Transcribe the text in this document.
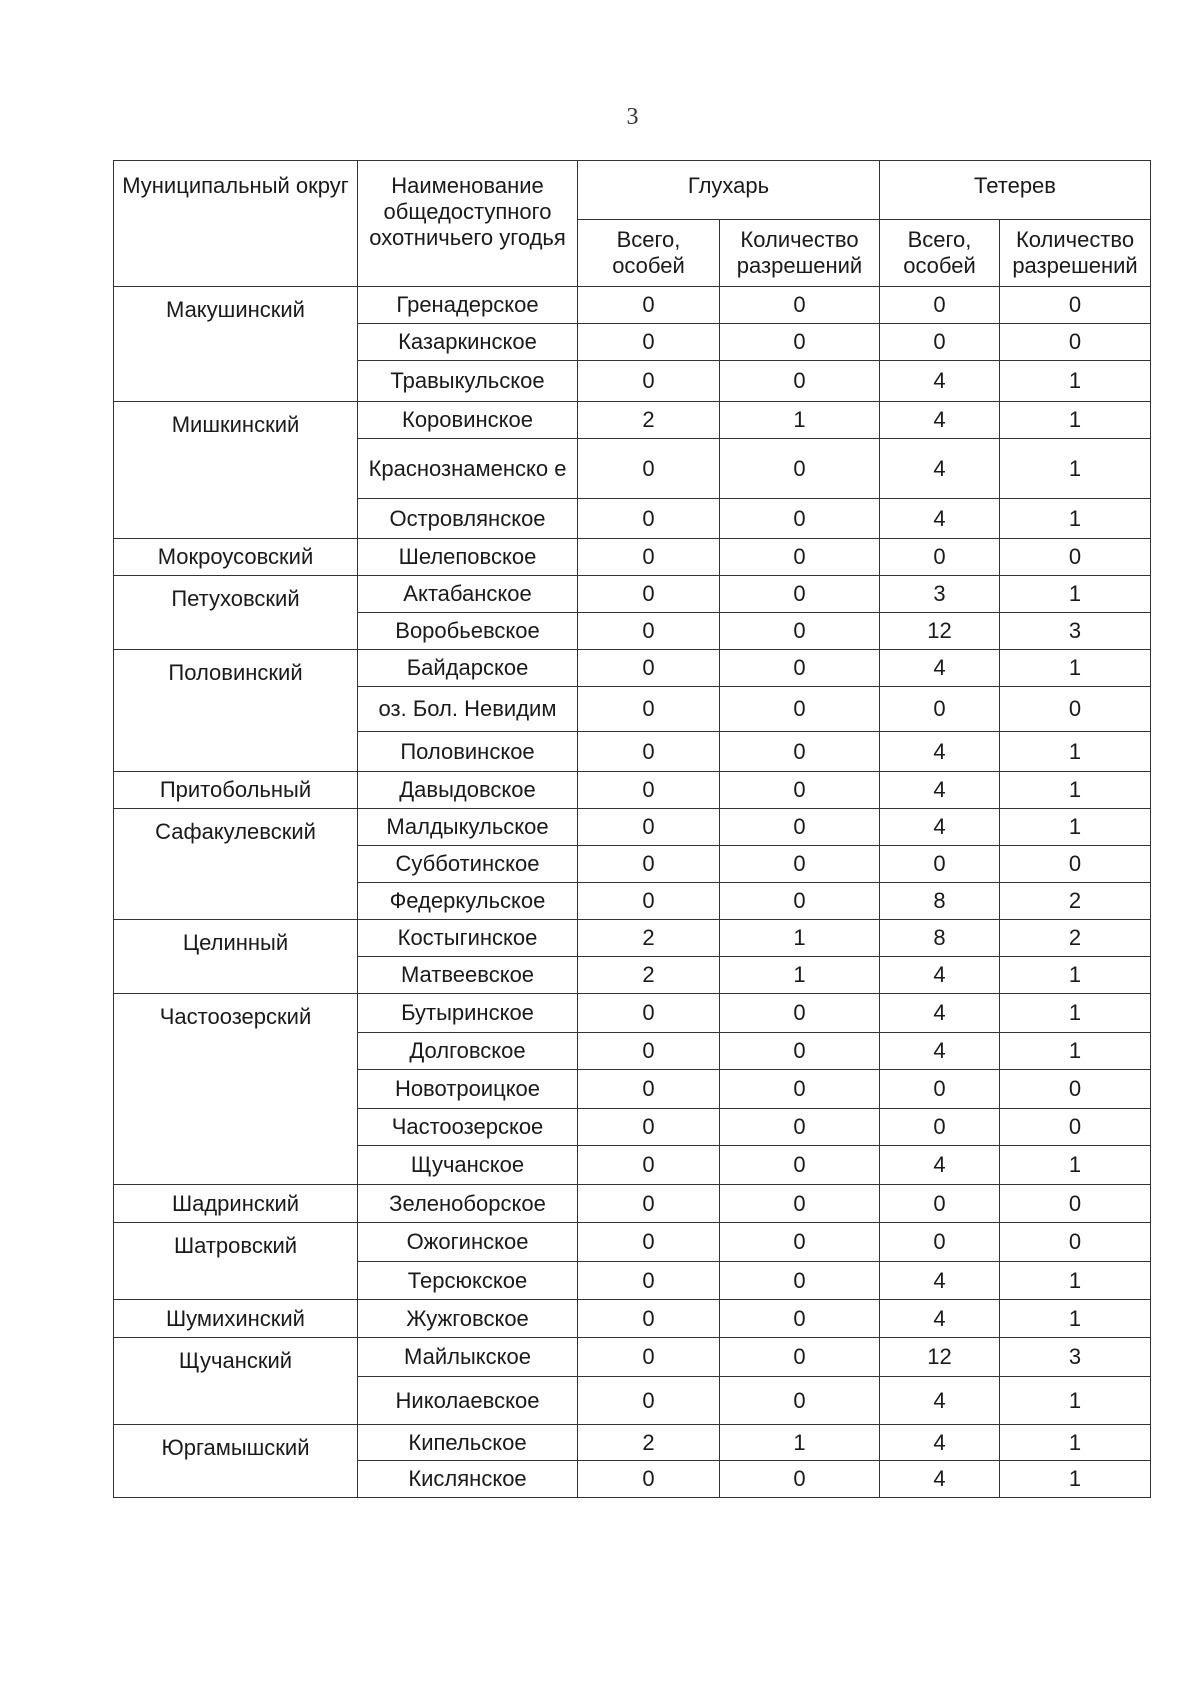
3
Муниципальный округ	Наименование общедоступного охотничьего угодья	Глухарь		Тетерев	
		Всего, особей	Количество разрешений	Всего, особей	Количество разрешений
Макушинский	Гренадерское	0	0	0	0
	Казаркинское	0	0	0	0
	Травыкульское	0	0	4	1
Мишкинский	Коровинское	2	1	4	1
	Краснознаменско е	0	0	4	1
	Островлянское	0	0	4	1
Мокроусовский	Шелеповское	0	0	0	0
Петуховский	Актабанское	0	0	3	1
	Воробьевское	0	0	12	3
Половинский	Байдарское	0	0	4	1
	оз. Бол. Невидим	0	0	0	0
	Половинское	0	0	4	1
Притобольный	Давыдовское	0	0	4	1
Сафакулевский	Малдыкульское	0	0	4	1
	Субботинское	0	0	0	0
	Федеркульское	0	0	8	2
Целинный	Костыгинское	2	1	8	2
	Матвеевское	2	1	4	1
Частоозерский	Бутыринское	0	0	4	1
	Долговское	0	0	4	1
	Новотроицкое	0	0	0	0
	Частоозерское	0	0	0	0
	Щучанское	0	0	4	1
Шадринский	Зеленоборское	0	0	0	0
Шатровский	Ожогинское	0	0	0	0
	Терсюкское	0	0	4	1
Шумихинский	Жужговское	0	0	4	1
Щучанский	Майлыкское	0	0	12	3
	Николаевское	0	0	4	1
Юргамышский	Кипельское	2	1	4	1
	Кислянское	0	0	4	1
